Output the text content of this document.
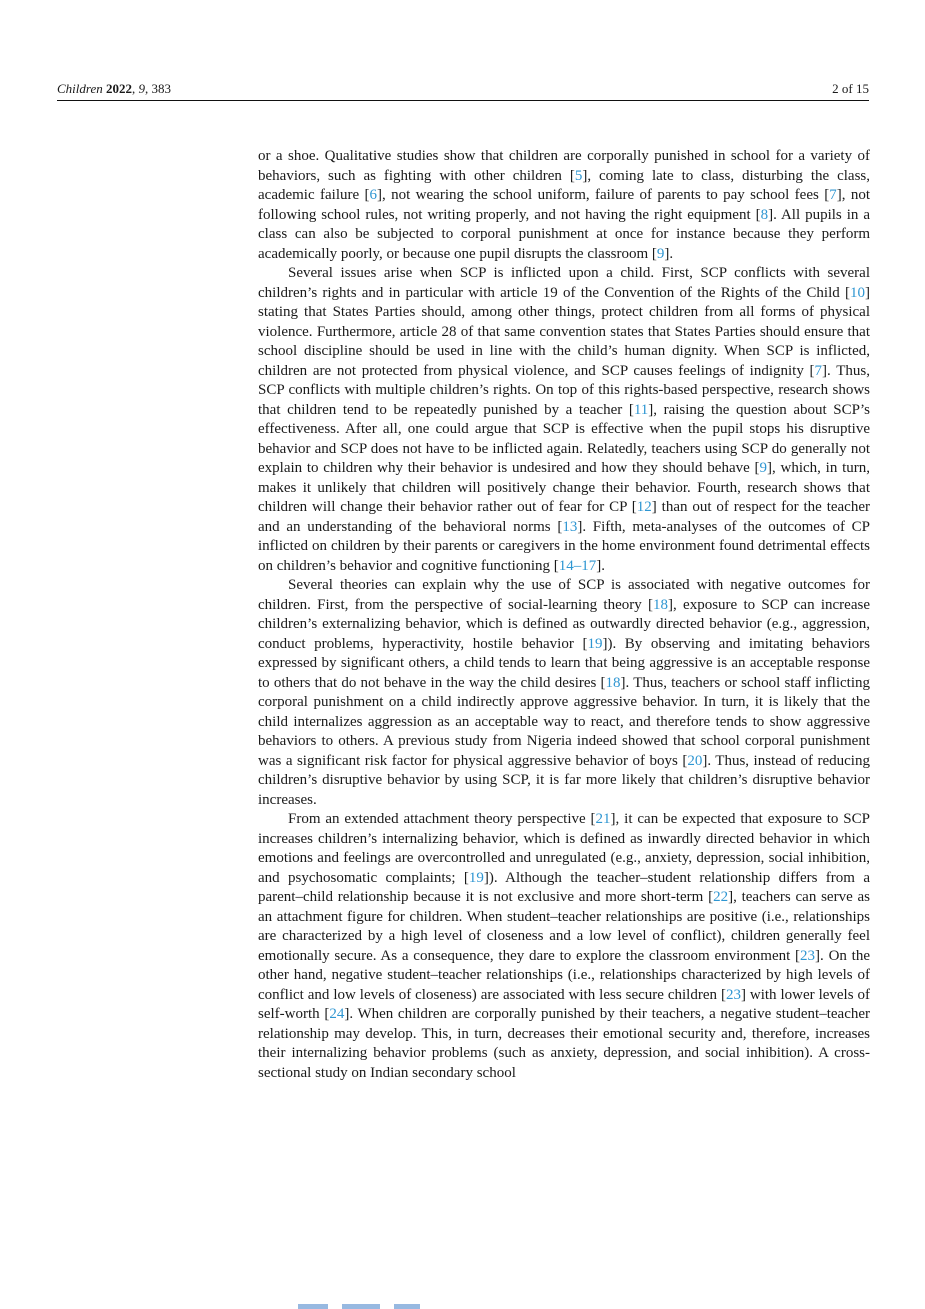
Children 2022, 9, 383	2 of 15

or a shoe. Qualitative studies show that children are corporally punished in school for a variety of behaviors, such as fighting with other children [5], coming late to class, disturbing the class, academic failure [6], not wearing the school uniform, failure of parents to pay school fees [7], not following school rules, not writing properly, and not having the right equipment [8]. All pupils in a class can also be subjected to corporal punishment at once for instance because they perform academically poorly, or because one pupil disrupts the classroom [9].

Several issues arise when SCP is inflicted upon a child. First, SCP conflicts with several children’s rights and in particular with article 19 of the Convention of the Rights of the Child [10] stating that States Parties should, among other things, protect children from all forms of physical violence. Furthermore, article 28 of that same convention states that States Parties should ensure that school discipline should be used in line with the child’s human dignity. When SCP is inflicted, children are not protected from physical violence, and SCP causes feelings of indignity [7]. Thus, SCP conflicts with multiple children’s rights. On top of this rights-based perspective, research shows that children tend to be repeatedly punished by a teacher [11], raising the question about SCP’s effectiveness. After all, one could argue that SCP is effective when the pupil stops his disruptive behavior and SCP does not have to be inflicted again. Relatedly, teachers using SCP do generally not explain to children why their behavior is undesired and how they should behave [9], which, in turn, makes it unlikely that children will positively change their behavior. Fourth, research shows that children will change their behavior rather out of fear for CP [12] than out of respect for the teacher and an understanding of the behavioral norms [13]. Fifth, meta-analyses of the outcomes of CP inflicted on children by their parents or caregivers in the home environment found detrimental effects on children’s behavior and cognitive functioning [14–17].

Several theories can explain why the use of SCP is associated with negative outcomes for children. First, from the perspective of social-learning theory [18], exposure to SCP can increase children’s externalizing behavior, which is defined as outwardly directed behavior (e.g., aggression, conduct problems, hyperactivity, hostile behavior [19]). By observing and imitating behaviors expressed by significant others, a child tends to learn that being aggressive is an acceptable response to others that do not behave in the way the child desires [18]. Thus, teachers or school staff inflicting corporal punishment on a child indirectly approve aggressive behavior. In turn, it is likely that the child internalizes aggression as an acceptable way to react, and therefore tends to show aggressive behaviors to others. A previous study from Nigeria indeed showed that school corporal punishment was a significant risk factor for physical aggressive behavior of boys [20]. Thus, instead of reducing children’s disruptive behavior by using SCP, it is far more likely that children’s disruptive behavior increases.

From an extended attachment theory perspective [21], it can be expected that exposure to SCP increases children’s internalizing behavior, which is defined as inwardly directed behavior in which emotions and feelings are overcontrolled and unregulated (e.g., anxiety, depression, social inhibition, and psychosomatic complaints; [19]). Although the teacher–student relationship differs from a parent–child relationship because it is not exclusive and more short-term [22], teachers can serve as an attachment figure for children. When student–teacher relationships are positive (i.e., relationships are characterized by a high level of closeness and a low level of conflict), children generally feel emotionally secure. As a consequence, they dare to explore the classroom environment [23]. On the other hand, negative student–teacher relationships (i.e., relationships characterized by high levels of conflict and low levels of closeness) are associated with less secure children [23] with lower levels of self-worth [24]. When children are corporally punished by their teachers, a negative student–teacher relationship may develop. This, in turn, decreases their emotional security and, therefore, increases their internalizing behavior problems (such as anxiety, depression, and social inhibition). A cross-sectional study on Indian secondary school
